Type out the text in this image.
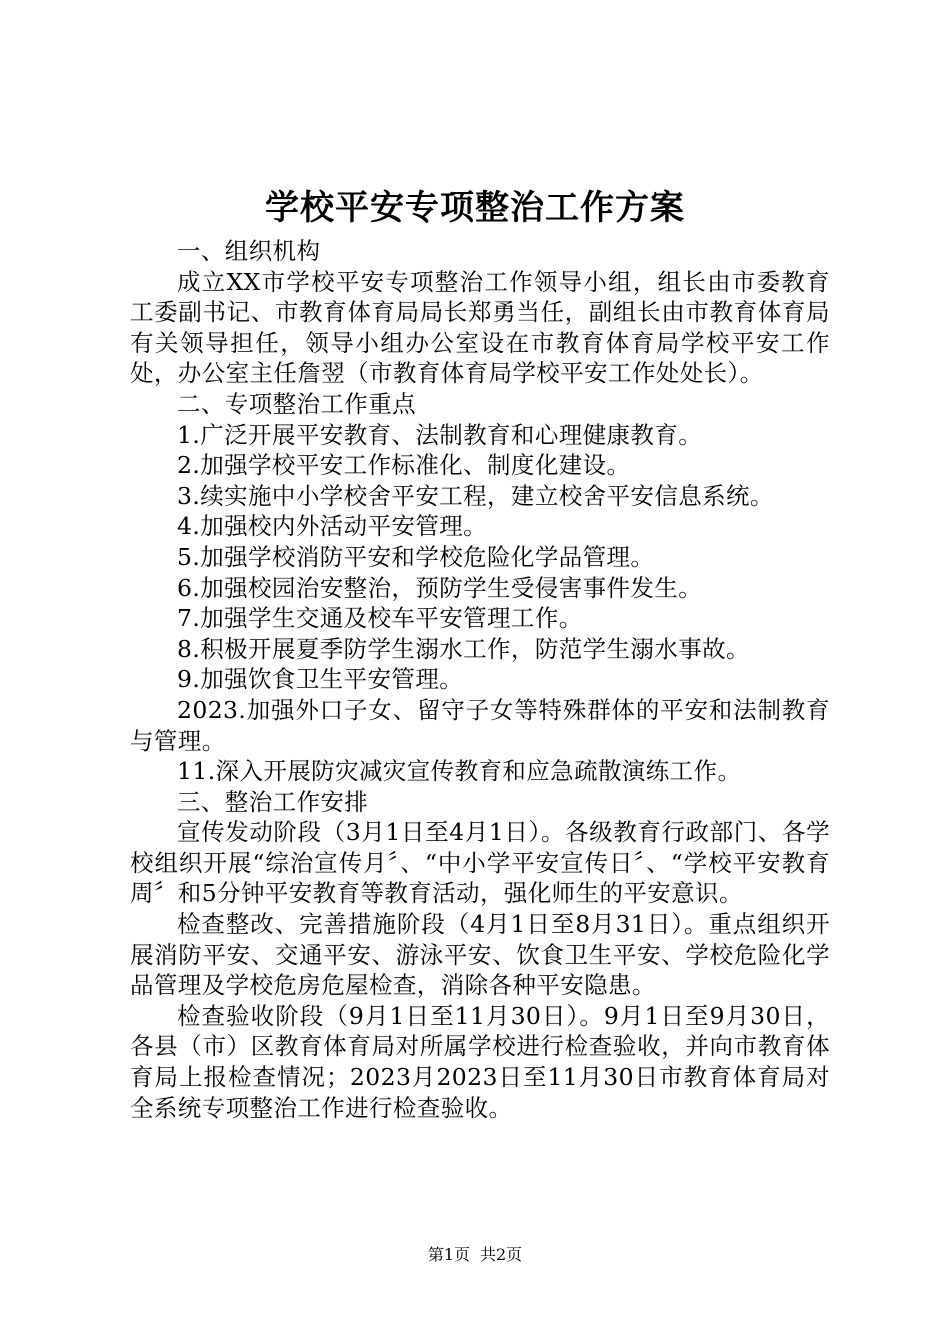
学校平安专项整治工作方案

一、组织机构

成立XX市学校平安专项整治工作领导小组，组长由市委教育工委副书记、市教育体育局局长郑勇当任，副组长由市教育体育局有关领导担任，领导小组办公室设在市教育体育局学校平安工作处，办公室主任詹翌（市教育体育局学校平安工作处处长）。

二、专项整治工作重点

1.广泛开展平安教育、法制教育和心理健康教育。

2.加强学校平安工作标准化、制度化建设。

3.续实施中小学校舍平安工程，建立校舍平安信息系统。

4.加强校内外活动平安管理。

5.加强学校消防平安和学校危险化学品管理。

6.加强校园治安整治，预防学生受侵害事件发生。

7.加强学生交通及校车平安管理工作。

8.积极开展夏季防学生溺水工作，防范学生溺水事故。

9.加强饮食卫生平安管理。

2023.加强外口子女、留守子女等特殊群体的平安和法制教育与管理。

11.深入开展防灾减灾宣传教育和应急疏散演练工作。

三、整治工作安排

宣传发动阶段（3月1日至4月1日）。各级教育行政部门、各学校组织开展“综治宣传月〞、“中小学平安宣传日〞、“学校平安教育周〞和5分钟平安教育等教育活动，强化师生的平安意识。

检查整改、完善措施阶段（4月1日至8月31日）。重点组织开展消防平安、交通平安、游泳平安、饮食卫生平安、学校危险化学品管理及学校危房危屋检查，消除各种平安隐患。

检查验收阶段（9月1日至11月30日）。9月1日至9月30日，各县（市）区教育体育局对所属学校进行检查验收，并向市教育体育局上报检查情况；2023月2023日至11月30日市教育体育局对全系统专项整治工作进行检查验收。

第1页 共2页
